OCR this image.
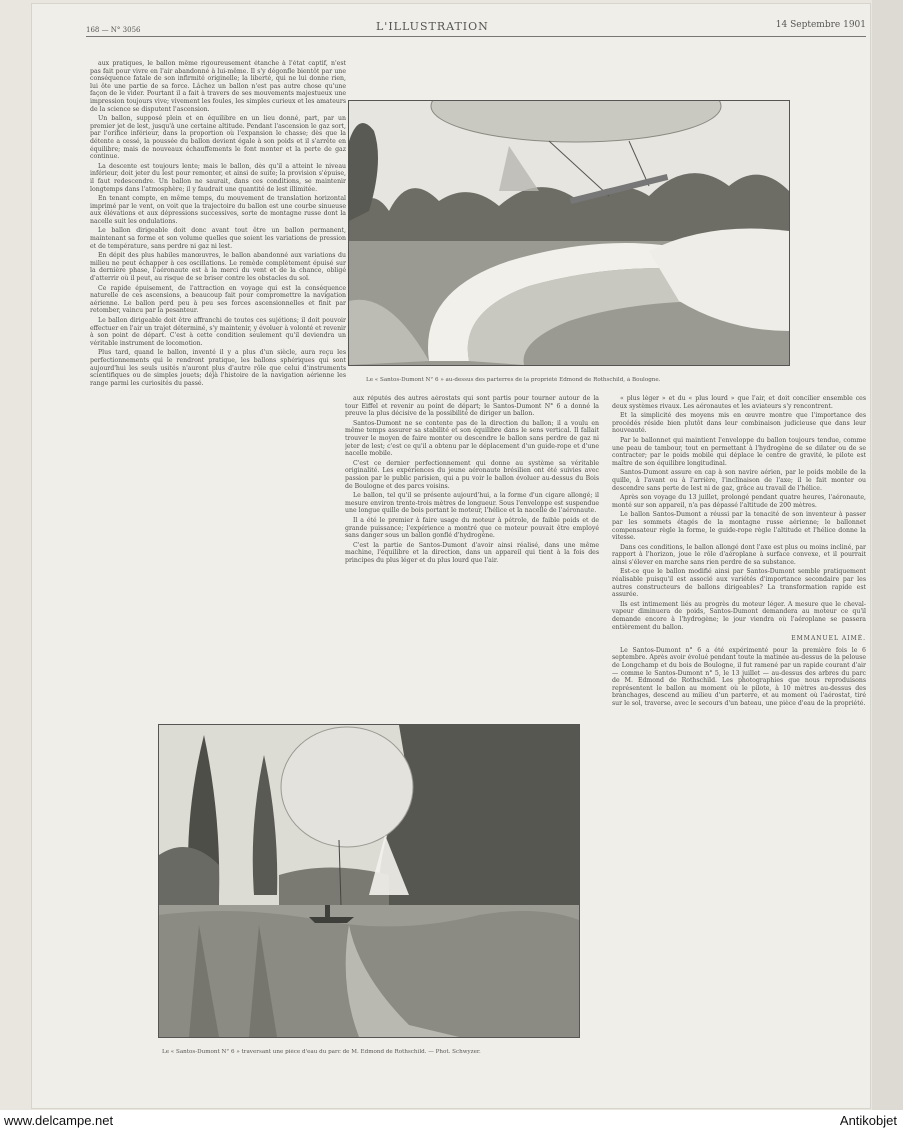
168 — N° 3056	L'ILLUSTRATION	14 Septembre 1901

aux pratiques, le ballon même rigoureusement étanche à l'état captif, n'est pas fait pour vivre en l'air abandonné à lui-même. Il s'y dégonfle bientôt par une conséquence fatale de son infirmité originelle; la liberté, qui ne lui donne rien, lui ôte une partie de sa force. Lâchez un ballon n'est pas autre chose qu'une façon de le vider. Pourtant il a fait à travers de ses mouvements majestueux une impression toujours vive; vivement les foules, les simples curieux et les amateurs de la science se disputent l'ascension.

Un ballon, supposé plein et en équilibre en un lieu donné, part, par un premier jet de lest, jusqu'à une certaine altitude. Pendant l'ascension le gaz sort, par l'orifice inférieur, dans la proportion où l'expansion le chasse; dès que la détente a cessé, la poussée du ballon devient égale à son poids et il s'arrête en équilibre; mais de nouveaux échauffements le font monter et la perte de gaz continue.

La descente est toujours lente; mais le ballon, dès qu'il a atteint le niveau inférieur, doit jeter du lest pour remonter, et ainsi de suite; la provision s'épuise, il faut redescendre. Un ballon ne saurait, dans ces conditions, se maintenir longtemps dans l'atmosphère; il y faudrait une quantité de lest illimitée.

En tenant compte, en même temps, du mouvement de translation horizontal imprimé par le vent, on voit que la trajectoire du ballon est une courbe sinueuse aux élévations et aux dépressions successives, sorte de montagne russe dont la nacelle suit les ondulations.

Le ballon dirigeable doit donc avant tout être un ballon permanent, maintenant sa forme et son volume quelles que soient les variations de pression et de température, sans perdre ni gaz ni lest.

En dépit des plus habiles manœuvres, le ballon abandonné aux variations du milieu ne peut échapper à ces oscillations. Le remède complètement épuisé sur la dernière phase, l'aéronaute est à la merci du vent et de la chance, obligé d'atterrir où il peut, au risque de se briser contre les obstacles du sol.

Ce rapide épuisement, de l'attraction en voyage qui est la conséquence naturelle de ces ascensions, a beaucoup fait pour compromettre la navigation aérienne. Le ballon perd peu à peu ses forces ascensionnelles et finit par retomber, vaincu par la pesanteur.

Le ballon dirigeable doit être affranchi de toutes ces sujétions; il doit pouvoir effectuer en l'air un trajet déterminé, s'y maintenir, y évoluer à volonté et revenir à son point de départ. C'est à cette condition seulement qu'il deviendra un véritable instrument de locomotion.

Plus tard, quand le ballon, inventé il y a plus d'un siècle, aura reçu les perfectionnements qui le rendront pratique, les ballons sphériques qui sont aujourd'hui les seuls usités n'auront plus d'autre rôle que celui d'instruments scientifiques ou de simples jouets; déjà l'histoire de la navigation aérienne les range parmi les curiosités du passé.	Le « Santos-Dumont N° 6 » au-dessus des parterres de la propriété Edmond de Rothschild, à Boulogne.

aux réputés des autres aérostats qui sont partis pour tourner autour de la tour Eiffel et revenir au point de départ; le Santos-Dumont N° 6 a donné la preuve la plus décisive de la possibilité de diriger un ballon.

Santos-Dumont ne se contente pas de la direction du ballon; il a voulu en même temps assurer sa stabilité et son équilibre dans le sens vertical. Il fallait trouver le moyen de faire monter ou descendre le ballon sans perdre de gaz ni jeter de lest; c'est ce qu'il a obtenu par le déplacement d'un guide-rope et d'une nacelle mobile.

C'est ce dernier perfectionnement qui donne au système sa véritable originalité. Les expériences du jeune aéronaute brésilien ont été suivies avec passion par le public parisien, qui a pu voir le ballon évoluer au-dessus du Bois de Boulogne et des parcs voisins.

Le ballon, tel qu'il se présente aujourd'hui, a la forme d'un cigare allongé; il mesure environ trente-trois mètres de longueur. Sous l'enveloppe est suspendue une longue quille de bois portant le moteur, l'hélice et la nacelle de l'aéronaute.

Il a été le premier à faire usage du moteur à pétrole, de faible poids et de grande puissance; l'expérience a montré que ce moteur pouvait être employé sans danger sous un ballon gonflé d'hydrogène.

C'est la partie de Santos-Dumont d'avoir ainsi réalisé, dans une même machine, l'équilibre et la direction, dans un appareil qui tient à la fois des principes du plus léger et du plus lourd que l'air.

« plus léger » et du « plus lourd » que l'air, et doit concilier ensemble ces deux systèmes rivaux. Les aéronautes et les aviateurs s'y rencontrent.

Et la simplicité des moyens mis en œuvre montre que l'importance des procédés réside bien plutôt dans leur combinaison judicieuse que dans leur nouveauté.

Par le ballonnet qui maintient l'enveloppe du ballon toujours tendue, comme une peau de tambour, tout en permettant à l'hydrogène de se dilater ou de se contracter; par le poids mobile qui déplace le centre de gravité, le pilote est maître de son équilibre longitudinal.

Santos-Dumont assure en cap à son navire aérien, par le poids mobile de la quille, à l'avant ou à l'arrière, l'inclinaison de l'axe; il le fait monter ou descendre sans perte de lest ni de gaz, grâce au travail de l'hélice.

Après son voyage du 13 juillet, prolongé pendant quatre heures, l'aéronaute, monté sur son appareil, n'a pas dépassé l'altitude de 200 mètres.

Le ballon Santos-Dumont a réussi par la tenacité de son inventeur à passer par les sommets étagés de la montagne russe aérienne; le ballonnet compensateur règle la forme, le guide-rope règle l'altitude et l'hélice donne la vitesse.

Dans ces conditions, le ballon allongé dont l'axe est plus ou moins incliné, par rapport à l'horizon, joue le rôle d'aéroplane à surface convexe, et il pourrait ainsi s'élever en marche sans rien perdre de sa substance.

Est-ce que le ballon modifié ainsi par Santos-Dumont semble pratiquement réalisable puisqu'il est associé aux variétés d'importance secondaire par les autres constructeurs de ballons dirigeables? La transformation rapide est assurée.

Ils est intimement liés au progrès du moteur léger. A mesure que le cheval-vapeur diminuera de poids, Santos-Dumont demandera au moteur ce qu'il demande encore à l'hydrogène; le jour viendra où l'aéroplane se passera entièrement du ballon.

EMMANUEL AIMÉ.

Le Santos-Dumont n° 6 a été expérimenté pour la première fois le 6 septembre. Après avoir évolué pendant toute la matinée au-dessus de la pelouse de Longchamp et du bois de Boulogne, il fut ramené par un rapide courant d'air — comme le Santos-Dumont n° 5, le 13 juillet — au-dessus des arbres du parc de M. Edmond de Rothschild. Les photographies que nous reproduisons représentent le ballon au moment où le pilote, à 10 mètres au-dessus des branchages, descend au milieu d'un parterre, et au moment où l'aérostat, tiré sur le sol, traverse, avec le secours d'un bateau, une pièce d'eau de la propriété.

Le « Santos-Dumont N° 6 » traversant une pièce d'eau du parc de M. Edmond de Rothschild. — Phot. Schwyzer.
www.delcampe.net	Antikobjet
